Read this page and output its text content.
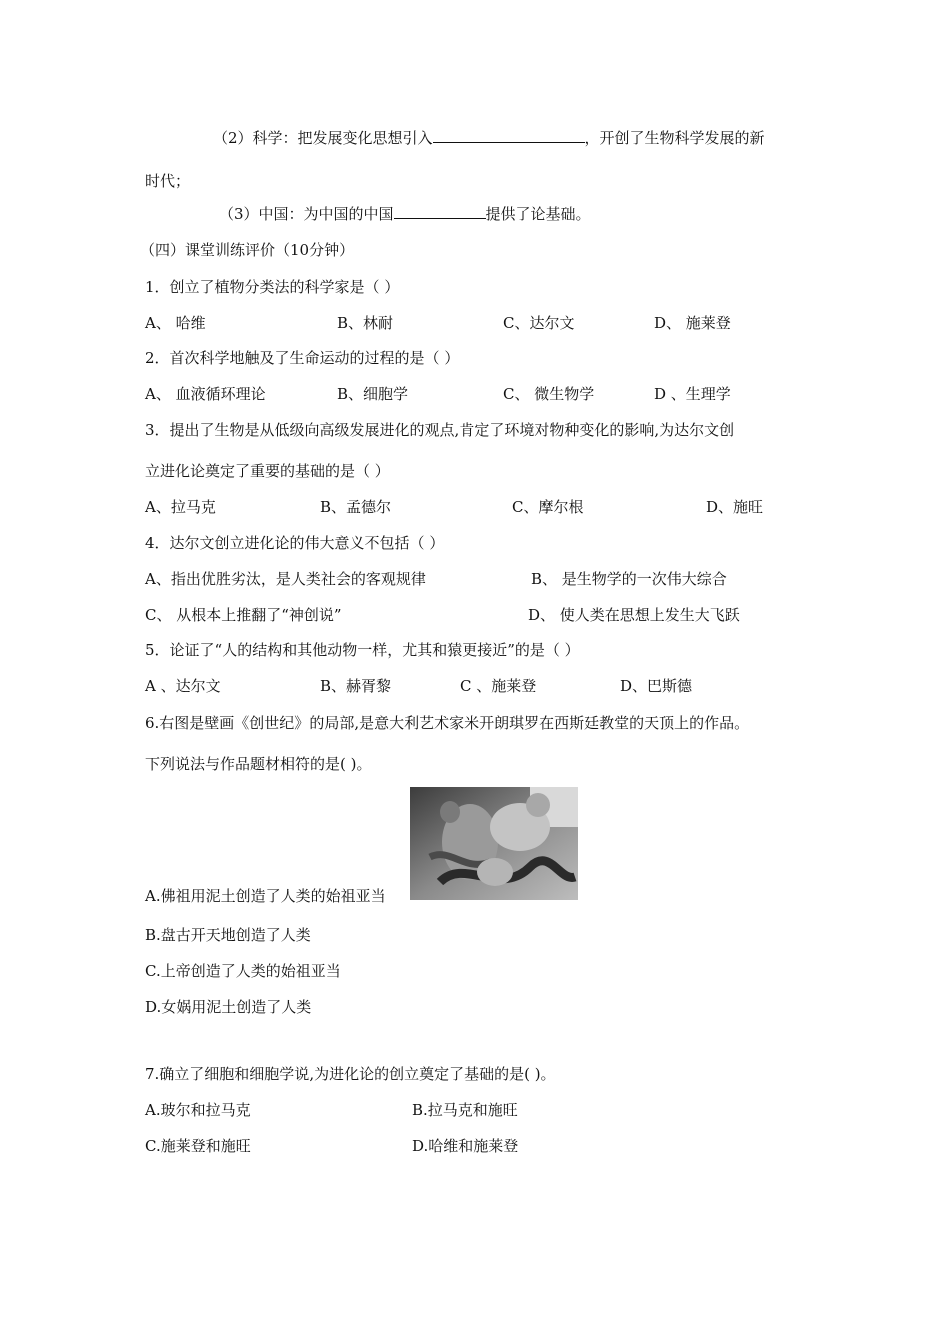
（2）科学：把发展变化思想引入	，开创了生物科学发展的新
时代；
（3）中国：为中国的中国	提供了论基础。
（四）课堂训练评价（10分钟）
1．创立了植物分类法的科学家是（ ）
A、 哈维	B、林耐	C、达尔文	D、 施莱登
2．首次科学地触及了生命运动的过程的是（ ）
A、 血液循环理论	B、细胞学	C、 微生物学	D 、生理学
3．提出了生物是从低级向高级发展进化的观点,肯定了环境对物种变化的影响,为达尔文创
立进化论奠定了重要的基础的是（ ）
A、拉马克	B、孟德尔	C、摩尔根	D、施旺
4．达尔文创立进化论的伟大意义不包括（ ）
A、指出优胜劣汰，是人类社会的客观规律	B、 是生物学的一次伟大综合
C、 从根本上推翻了“神创说”	D、 使人类在思想上发生大飞跃
5．论证了“人的结构和其他动物一样，尤其和猿更接近”的是（ ）
A 、达尔文	B、赫胥黎	C 、施莱登	D、巴斯德
6.右图是壁画《创世纪》的局部,是意大利艺术家米开朗琪罗在西斯廷教堂的天顶上的作品。
下列说法与作品题材相符的是( )。
A.佛祖用泥土创造了人类的始祖亚当
B.盘古开天地创造了人类
C.上帝创造了人类的始祖亚当
D.女娲用泥土创造了人类
7.确立了细胞和细胞学说,为进化论的创立奠定了基础的是( )。
A.玻尔和拉马克	B.拉马克和施旺
C.施莱登和施旺	D.哈维和施莱登
